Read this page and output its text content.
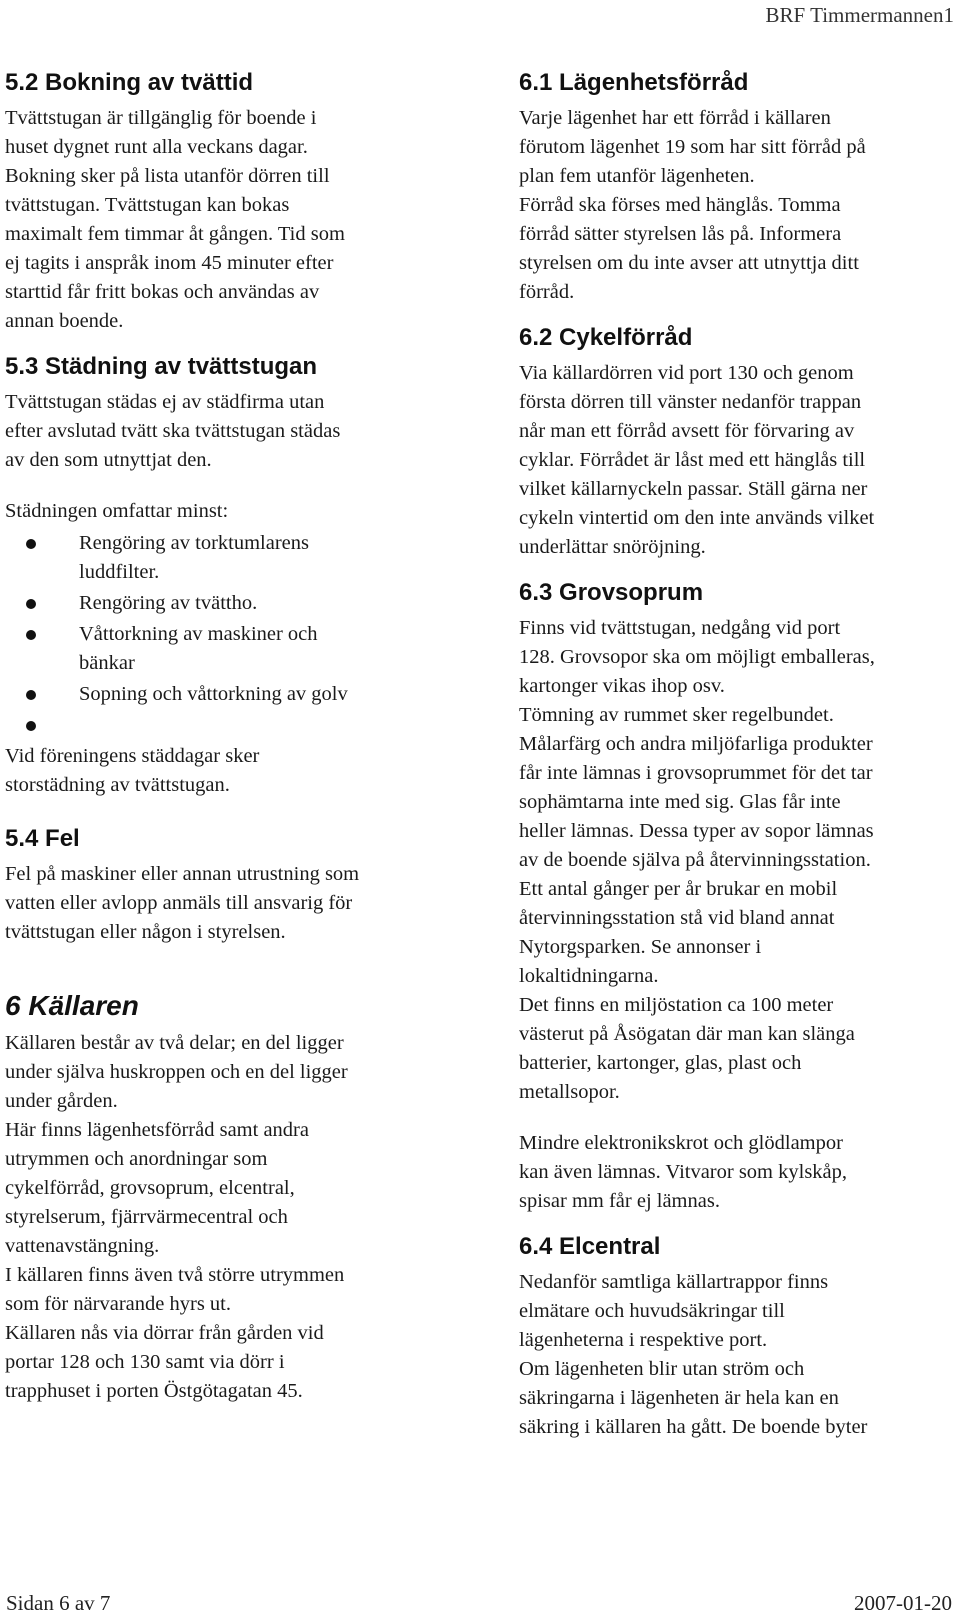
BRF Timmermannen1
5.2 Bokning av tvättid
Tvättstugan är tillgänglig för boende i
huset dygnet runt alla veckans dagar.
Bokning sker på lista utanför dörren till
tvättstugan. Tvättstugan kan bokas
maximalt fem timmar åt gången. Tid som
ej tagits i anspråk inom 45 minuter efter
starttid får fritt bokas och användas av
annan boende.
5.3 Städning av tvättstugan
Tvättstugan städas ej av städfirma utan
efter avslutad tvätt ska tvättstugan städas
av den som utnyttjat den.
Städningen omfattar minst:
Rengöring av torktumlarens
luddfilter.
Rengöring av tvättho.
Våttorkning av maskiner och
bänkar
Sopning och våttorkning av golv
Vid föreningens städdagar sker
storstädning av tvättstugan.
5.4 Fel
Fel på maskiner eller annan utrustning som
vatten eller avlopp anmäls till ansvarig för
tvättstugan eller någon i styrelsen.
6 Källaren
Källaren består av två delar; en del ligger
under själva huskroppen och en del ligger
under gården.
Här finns lägenhetsförråd samt andra
utrymmen och anordningar som
cykelförråd, grovsoprum, elcentral,
styrelserum, fjärrvärmecentral och
vattenavstängning.
I källaren finns även två större utrymmen
som för närvarande hyrs ut.
Källaren nås via dörrar från gården vid
portar 128 och 130 samt via dörr i
trapphuset i porten Östgötagatan 45.
6.1 Lägenhetsförråd
Varje lägenhet har ett förråd i källaren
förutom lägenhet 19 som har sitt förråd på
plan fem utanför lägenheten.
Förråd ska förses med hänglås. Tomma
förråd sätter styrelsen lås på. Informera
styrelsen om du inte avser att utnyttja ditt
förråd.
6.2 Cykelförråd
Via källardörren vid port 130 och genom
första dörren till vänster nedanför trappan
når man ett förråd avsett för förvaring av
cyklar. Förrådet är låst med ett hänglås till
vilket källarnyckeln passar. Ställ gärna ner
cykeln vintertid om den inte används vilket
underlättar snöröjning.
6.3 Grovsoprum
Finns vid tvättstugan, nedgång vid port
128. Grovsopor ska om möjligt emballeras,
kartonger vikas ihop osv.
Tömning av rummet sker regelbundet.
Målarfärg och andra miljöfarliga produkter
får inte lämnas i grovsoprummet för det tar
sophämtarna inte med sig. Glas får inte
heller lämnas. Dessa typer av sopor lämnas
av de boende själva på återvinningsstation.
Ett antal gånger per år brukar en mobil
återvinningsstation stå vid bland annat
Nytorgsparken. Se annonser i
lokaltidningarna.
Det finns en miljöstation ca 100 meter
västerut på Åsögatan där man kan slänga
batterier, kartonger, glas, plast och
metallsopor.
Mindre elektronikskrot och glödlampor
kan även lämnas. Vitvaror som kylskåp,
spisar mm får ej lämnas.
6.4 Elcentral
Nedanför samtliga källartrappor finns
elmätare och huvudsäkringar till
lägenheterna i respektive port.
Om lägenheten blir utan ström och
säkringarna i lägenheten är hela kan en
säkring i källaren ha gått. De boende byter
Sidan 6 av 7	2007-01-20
